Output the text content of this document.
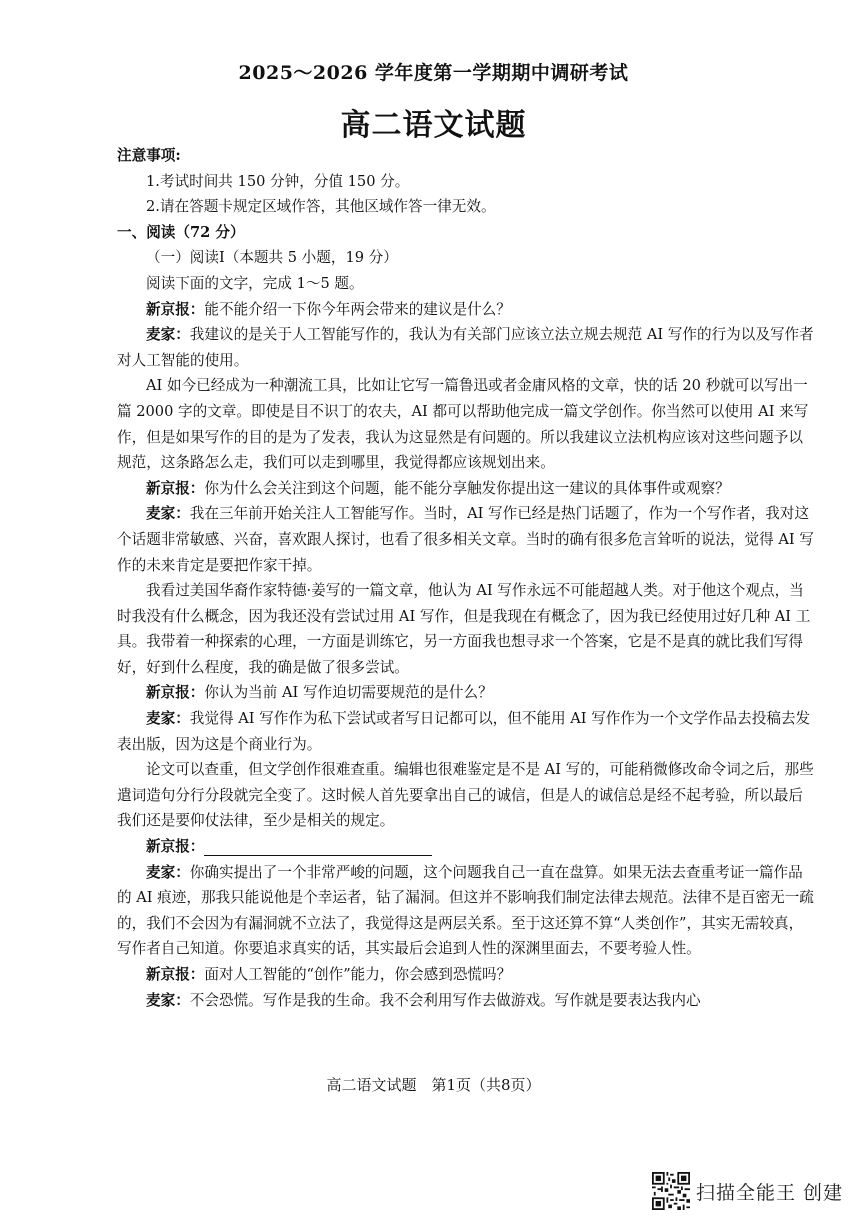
2025～2026 学年度第一学期期中调研考试
高二语文试题

注意事项:

1.考试时间共 150 分钟，分值 150 分。

2.请在答题卡规定区域作答，其他区域作答一律无效。

一、阅读（72 分）

（一）阅读Ⅰ（本题共 5 小题，19 分）

阅读下面的文字，完成 1～5 题。

新京报：能不能介绍一下你今年两会带来的建议是什么？

麦家：我建议的是关于人工智能写作的，我认为有关部门应该立法立规去规范 AI 写作的行为以及写作者对人工智能的使用。

AI 如今已经成为一种潮流工具，比如让它写一篇鲁迅或者金庸风格的文章，快的话 20 秒就可以写出一篇 2000 字的文章。即使是目不识丁的农夫，AI 都可以帮助他完成一篇文学创作。你当然可以使用 AI 来写作，但是如果写作的目的是为了发表，我认为这显然是有问题的。所以我建议立法机构应该对这些问题予以规范，这条路怎么走，我们可以走到哪里，我觉得都应该规划出来。

新京报：你为什么会关注到这个问题，能不能分享触发你提出这一建议的具体事件或观察？

麦家：我在三年前开始关注人工智能写作。当时，AI 写作已经是热门话题了，作为一个写作者，我对这个话题非常敏感、兴奋，喜欢跟人探讨，也看了很多相关文章。当时的确有很多危言耸听的说法，觉得 AI 写作的未来肯定是要把作家干掉。

我看过美国华裔作家特德·姜写的一篇文章，他认为 AI 写作永远不可能超越人类。对于他这个观点，当时我没有什么概念，因为我还没有尝试过用 AI 写作，但是我现在有概念了，因为我已经使用过好几种 AI 工具。我带着一种探索的心理，一方面是训练它，另一方面我也想寻求一个答案，它是不是真的就比我们写得好，好到什么程度，我的确是做了很多尝试。

新京报：你认为当前 AI 写作迫切需要规范的是什么？

麦家：我觉得 AI 写作作为私下尝试或者写日记都可以，但不能用 AI 写作作为一个文学作品去投稿去发表出版，因为这是个商业行为。

论文可以查重，但文学创作很难查重。编辑也很难鉴定是不是 AI 写的，可能稍微修改命令词之后，那些遣词造句分行分段就完全变了。这时候人首先要拿出自己的诚信，但是人的诚信总是经不起考验，所以最后我们还是要仰仗法律，至少是相关的规定。

新京报：

麦家：你确实提出了一个非常严峻的问题，这个问题我自己一直在盘算。如果无法去查重考证一篇作品的 AI 痕迹，那我只能说他是个幸运者，钻了漏洞。但这并不影响我们制定法律去规范。法律不是百密无一疏的，我们不会因为有漏洞就不立法了，我觉得这是两层关系。至于这还算不算“人类创作”，其实无需较真，写作者自己知道。你要追求真实的话，其实最后会追到人性的深渊里面去，不要考验人性。

新京报：面对人工智能的“创作”能力，你会感到恐慌吗？

麦家：不会恐慌。写作是我的生命。我不会利用写作去做游戏。写作就是要表达我内心

高二语文试题　第1页（共8页）
扫描全能王 创建
